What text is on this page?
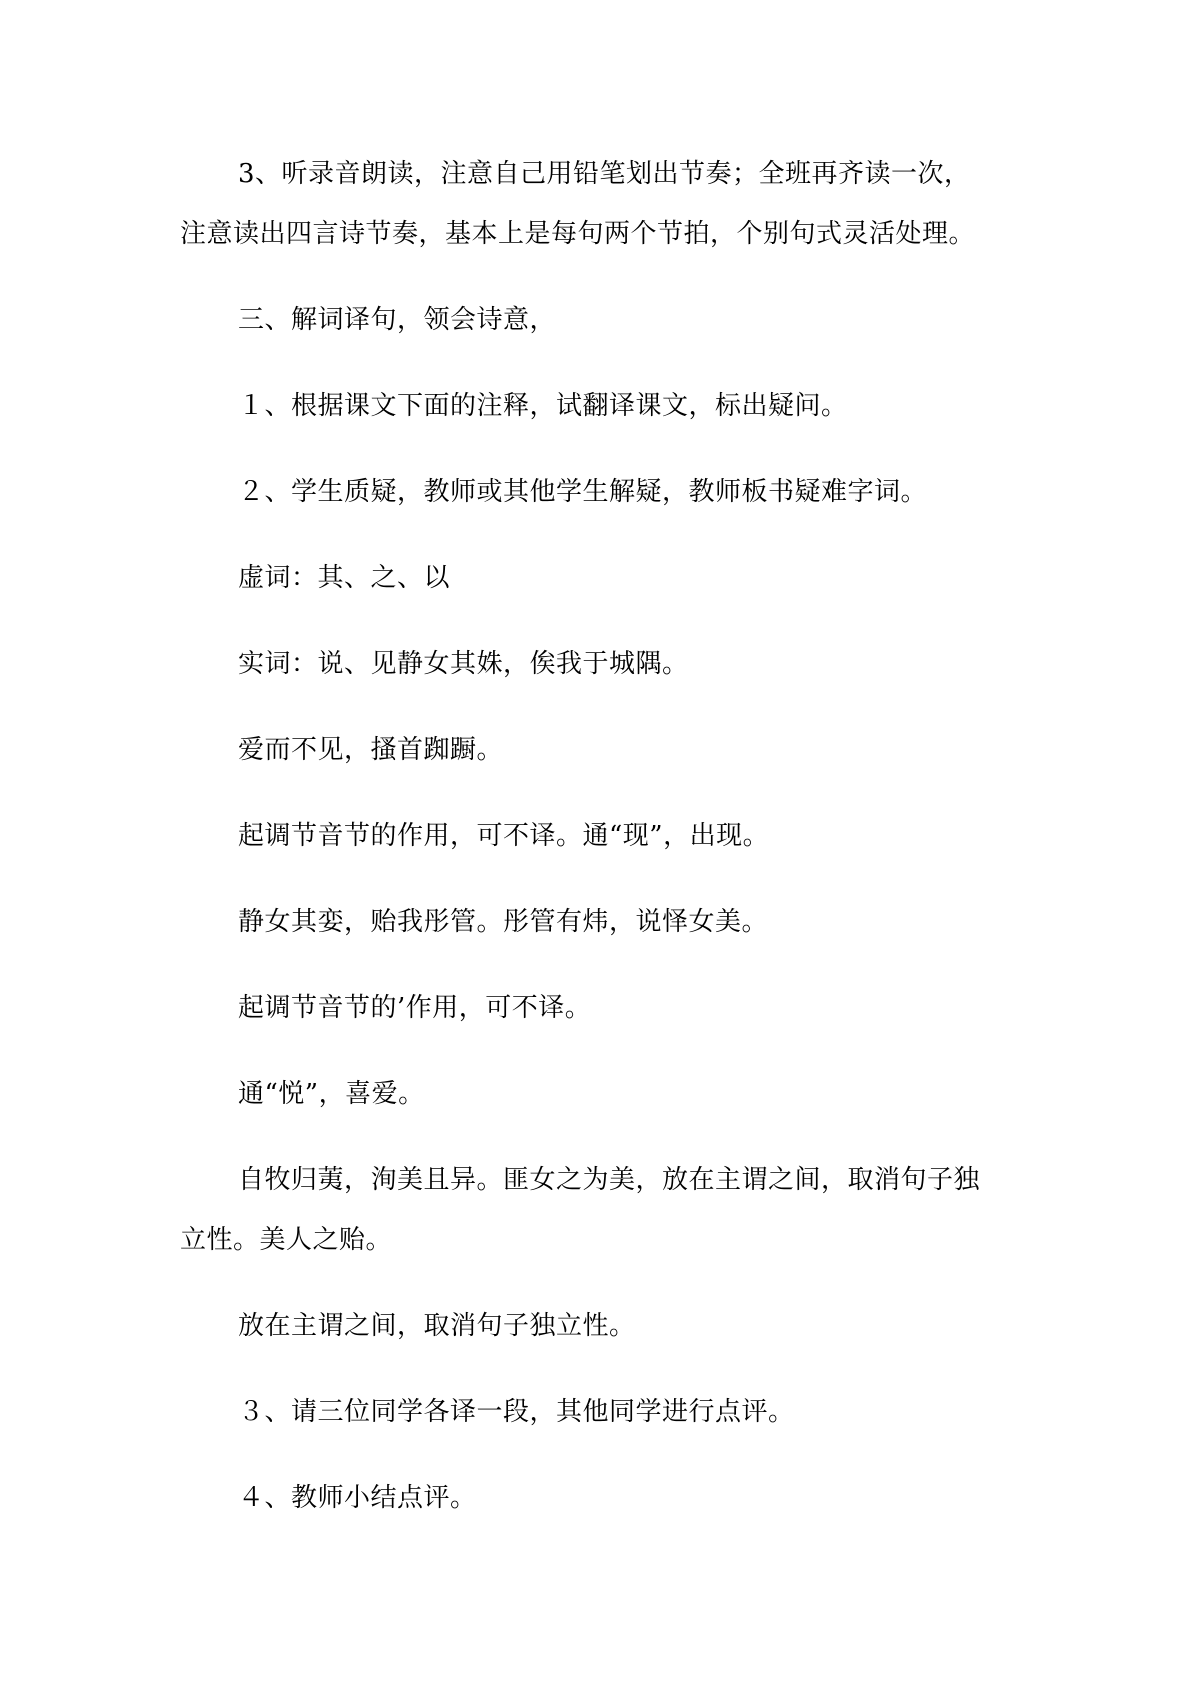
3、听录音朗读，注意自己用铅笔划出节奏；全班再齐读一次，
注意读出四言诗节奏，基本上是每句两个节拍，个别句式灵活处理。
三、解词译句，领会诗意，
１、根据课文下面的注释，试翻译课文，标出疑问。
２、学生质疑，教师或其他学生解疑，教师板书疑难字词。
虚词：其、之、以
实词：说、见静女其姝，俟我于城隅。
爱而不见，搔首踟蹰。
起调节音节的作用，可不译。通“现”，出现。
静女其娈，贻我彤管。彤管有炜，说怿女美。
起调节音节的’作用，可不译。
通“悦”，喜爱。
自牧归荑，洵美且异。匪女之为美，放在主谓之间，取消句子独
立性。美人之贻。
放在主谓之间，取消句子独立性。
３、请三位同学各译一段，其他同学进行点评。
４、教师小结点评。
